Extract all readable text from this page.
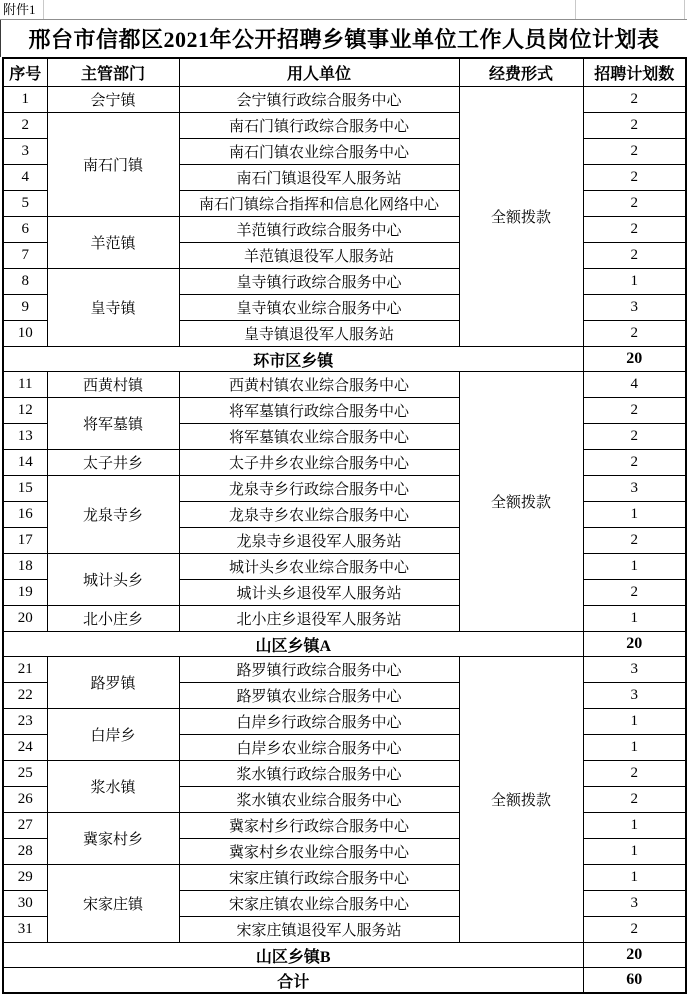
附件1
邢台市信都区2021年公开招聘乡镇事业单位工作人员岗位计划表
序号	主管部门	用人单位	经费形式	招聘计划数
1	会宁镇	会宁镇行政综合服务中心	全额拨款	2
2	南石门镇	南石门镇行政综合服务中心		2
3		南石门镇农业综合服务中心		2
4		南石门镇退役军人服务站		2
5		南石门镇综合指挥和信息化网络中心		2
6	羊范镇	羊范镇行政综合服务中心		2
7		羊范镇退役军人服务站		2
8	皇寺镇	皇寺镇行政综合服务中心		1
9		皇寺镇农业综合服务中心		3
10		皇寺镇退役军人服务站		2
环市区乡镇				20
11	西黄村镇	西黄村镇农业综合服务中心	全额拨款	4
12	将军墓镇	将军墓镇行政综合服务中心		2
13		将军墓镇农业综合服务中心		2
14	太子井乡	太子井乡农业综合服务中心		2
15	龙泉寺乡	龙泉寺乡行政综合服务中心		3
16		龙泉寺乡农业综合服务中心		1
17		龙泉寺乡退役军人服务站		2
18	城计头乡	城计头乡农业综合服务中心		1
19		城计头乡退役军人服务站		2
20	北小庄乡	北小庄乡退役军人服务站		1
山区乡镇A				20
21	路罗镇	路罗镇行政综合服务中心	全额拨款	3
22		路罗镇农业综合服务中心		3
23	白岸乡	白岸乡行政综合服务中心		1
24		白岸乡农业综合服务中心		1
25	浆水镇	浆水镇行政综合服务中心		2
26		浆水镇农业综合服务中心		2
27	冀家村乡	冀家村乡行政综合服务中心		1
28		冀家村乡农业综合服务中心		1
29	宋家庄镇	宋家庄镇行政综合服务中心		1
30		宋家庄镇农业综合服务中心		3
31		宋家庄镇退役军人服务站		2
山区乡镇B				20
合计				60
